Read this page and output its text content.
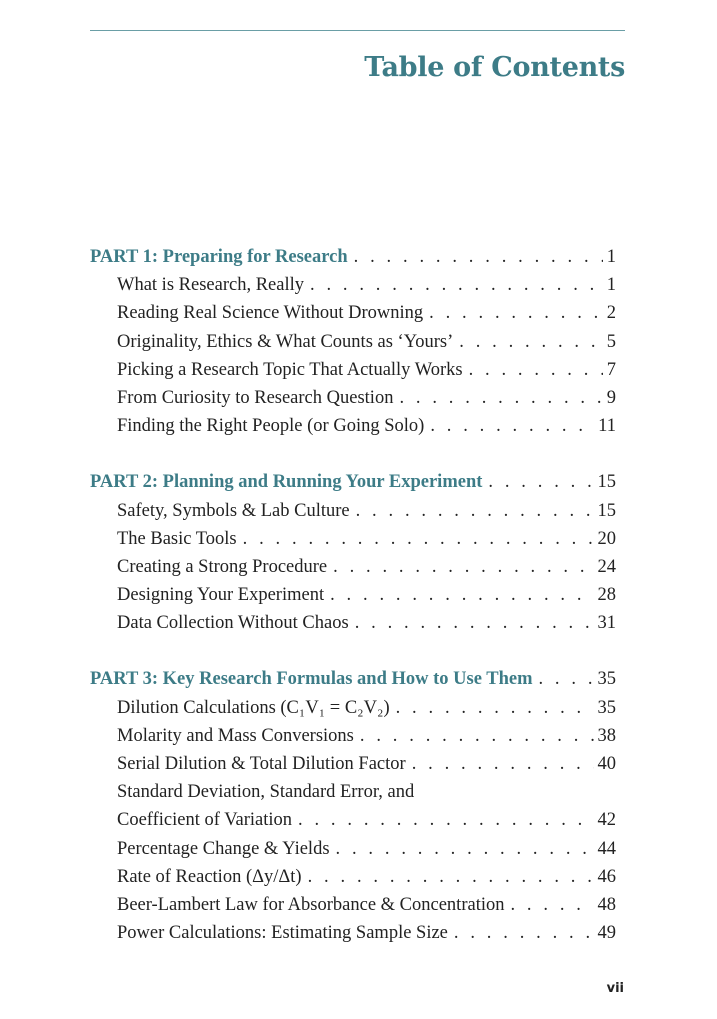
Table of Contents
PART 1: Preparing for Research . . .	1
What is Research, Really . . .	1
Reading Real Science Without Drowning . . .	2
Originality, Ethics & What Counts as ‘Yours’ . . .	5
Picking a Research Topic That Actually Works . . .	7
From Curiosity to Research Question . . .	9
Finding the Right People (or Going Solo) . . .	11
PART 2: Planning and Running Your Experiment . . .	15
Safety, Symbols & Lab Culture . . .	15
The Basic Tools . . .	20
Creating a Strong Procedure . . .	24
Designing Your Experiment . . .	28
Data Collection Without Chaos . . .	31
PART 3: Key Research Formulas and How to Use Them . . .	35
Dilution Calculations (C₁V₁ = C₂V₂) . . .	35
Molarity and Mass Conversions . . .	38
Serial Dilution & Total Dilution Factor . . .	40
Standard Deviation, Standard Error, and
Coefficient of Variation . . .	42
Percentage Change & Yields . . .	44
Rate of Reaction (Δy/Δt) . . .	46
Beer-Lambert Law for Absorbance & Concentration . . .	48
Power Calculations: Estimating Sample Size . . .	49
vii
